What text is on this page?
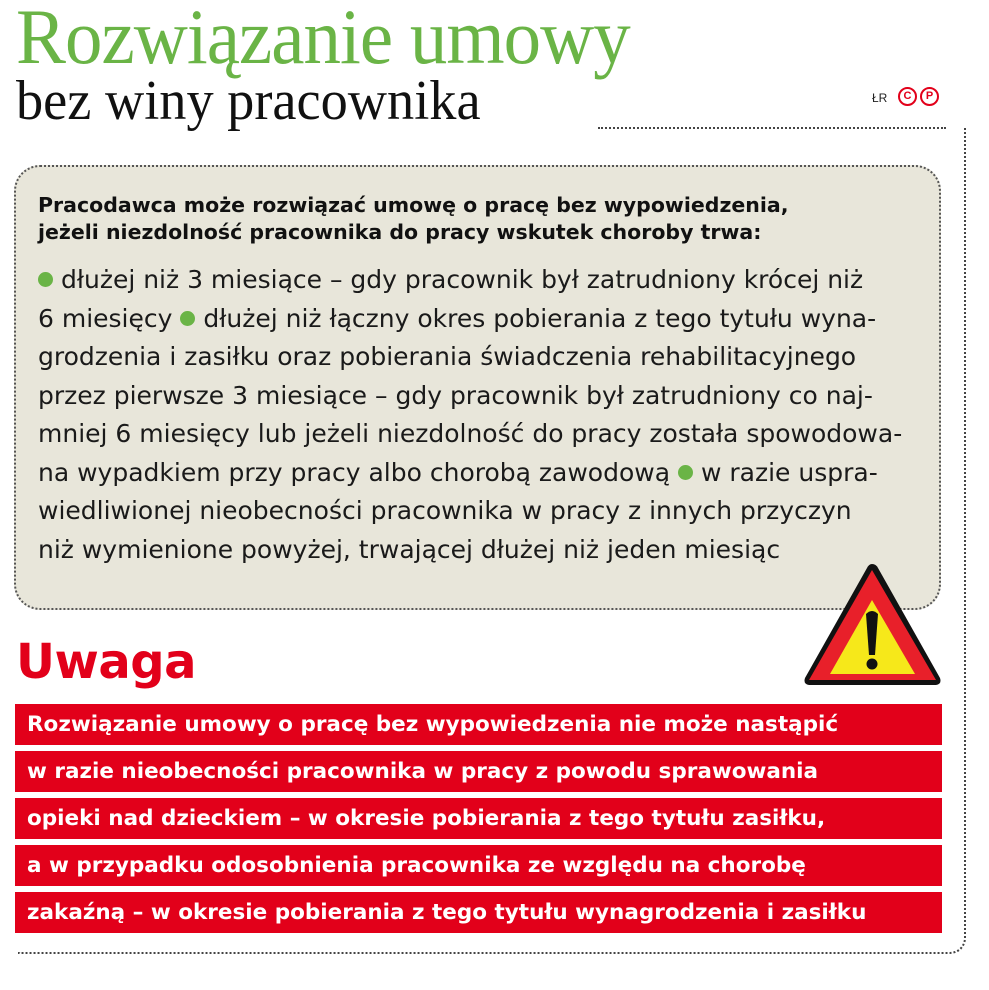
Rozwiązanie umowy
bez winy pracownika	ŁR	C	P
Pracodawca może rozwiązać umowę o pracę bez wypowiedzenia,
jeżeli niezdolność pracownika do pracy wskutek choroby trwa:
dłużej niż 3 miesiące – gdy pracownik był zatrudniony krócej niż
6 miesięcy dłużej niż łączny okres pobierania z tego tytułu wyna-
grodzenia i zasiłku oraz pobierania świadczenia rehabilitacyjnego
przez pierwsze 3 miesiące – gdy pracownik był zatrudniony co naj-
mniej 6 miesięcy lub jeżeli niezdolność do pracy została spowodowa-
na wypadkiem przy pracy albo chorobą zawodową w razie uspra-
wiedliwionej nieobecności pracownika w pracy z innych przyczyn
niż wymienione powyżej, trwającej dłużej niż jeden miesiąc
Uwaga
Rozwiązanie umowy o pracę bez wypowiedzenia nie może nastąpić
w razie nieobecności pracownika w pracy z powodu sprawowania
opieki nad dzieckiem – w okresie pobierania z tego tytułu zasiłku,
a w przypadku odosobnienia pracownika ze względu na chorobę
zakaźną – w okresie pobierania z tego tytułu wynagrodzenia i zasiłku
